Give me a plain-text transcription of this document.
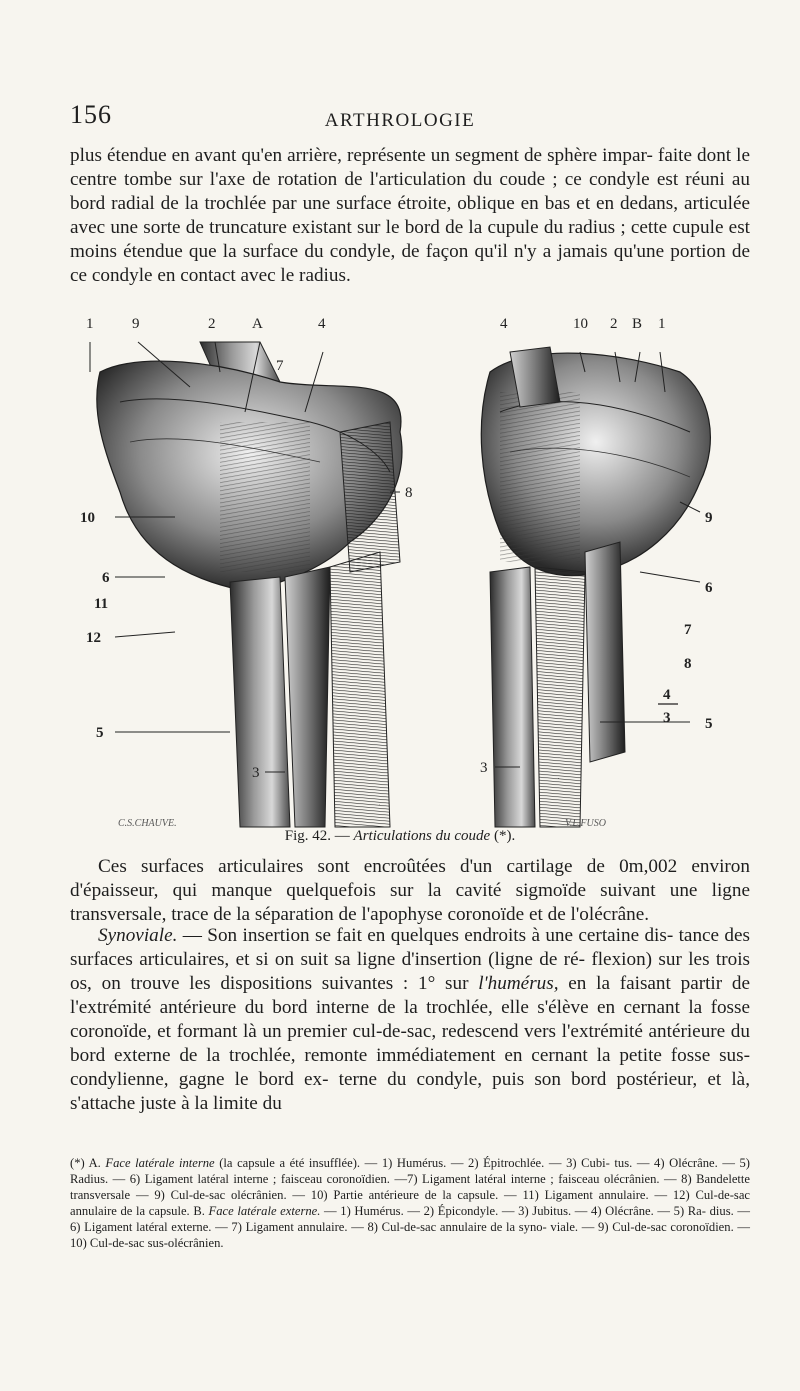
156	ARTHROLOGIE

plus étendue en avant qu'en arrière, représente un segment de sphère impar- faite dont le centre tombe sur l'axe de rotation de l'articulation du coude ; ce condyle est réuni au bord radial de la trochlée par une surface étroite, oblique en bas et en dedans, articulée avec une sorte de truncature existant sur le bord de la cupule du radius ; cette cupule est moins étendue que la surface du condyle, de façon qu'il n'y a jamais qu'une portion de ce condyle en contact avec le radius.

1	9	2 A
7
4
10
6
11
12
5
8
3
4	10 2 B 1
9
6
7
8
5
4
3
3
C.S.CHAUVE.	V.L.FUSO
Fig. 42. — Articulations du coude (*).

Ces surfaces articulaires sont encroûtées d'un cartilage de 0m,002 environ d'épaisseur, qui manque quelquefois sur la cavité sigmoïde suivant une ligne transversale, trace de la séparation de l'apophyse coronoïde et de l'olécrâne.

Synoviale. — Son insertion se fait en quelques endroits à une certaine dis- tance des surfaces articulaires, et si on suit sa ligne d'insertion (ligne de ré- flexion) sur les trois os, on trouve les dispositions suivantes : 1° sur l'humérus, en la faisant partir de l'extrémité antérieure du bord interne de la trochlée, elle s'élève en cernant la fosse coronoïde, et formant là un premier cul-de-sac, redescend vers l'extrémité antérieure du bord externe de la trochlée, remonte immédiatement en cernant la petite fosse sus-condylienne, gagne le bord ex- terne du condyle, puis son bord postérieur, et là, s'attache juste à la limite du

(*) A. Face latérale interne (la capsule a été insufflée). — 1) Humérus. — 2) Épitrochlée. — 3) Cubi- tus. — 4) Olécrâne. — 5) Radius. — 6) Ligament latéral interne ; faisceau coronoïdien. —7) Ligament latéral interne ; faisceau olécrânien. — 8) Bandelette transversale — 9) Cul-de-sac olécrânien. — 10) Partie antérieure de la capsule. — 11) Ligament annulaire. — 12) Cul-de-sac annulaire de la capsule. B. Face latérale externe. — 1) Humérus. — 2) Épicondyle. — 3) Jubitus. — 4) Olécrâne. — 5) Ra- dius. — 6) Ligament latéral externe. — 7) Ligament annulaire. — 8) Cul-de-sac annulaire de la syno- viale. — 9) Cul-de-sac coronoïdien. — 10) Cul-de-sac sus-olécrânien.
